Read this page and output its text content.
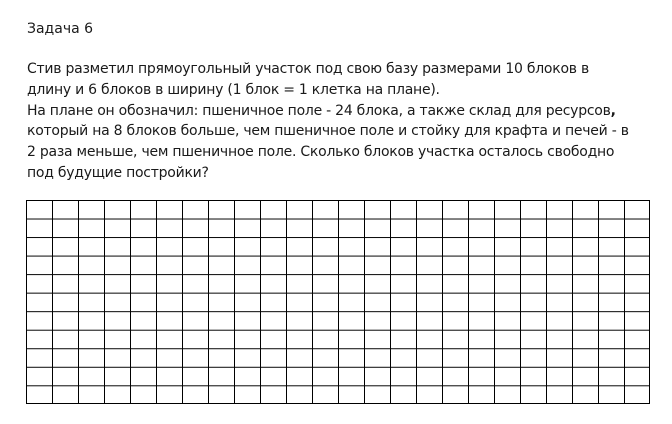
Задача 6
Стив разметил прямоугольный участок под свою базу размерами 10 блоков в
длину и 6 блоков в ширину (1 блок = 1 клетка на плане).
На плане он обозначил: пшеничное поле - 24 блока, а также склад для ресурсов,
который на 8 блоков больше, чем пшеничное поле и стойку для крафта и печей - в
2 раза меньше, чем пшеничное поле. Сколько блоков участка осталось свободно
под будущие постройки?
